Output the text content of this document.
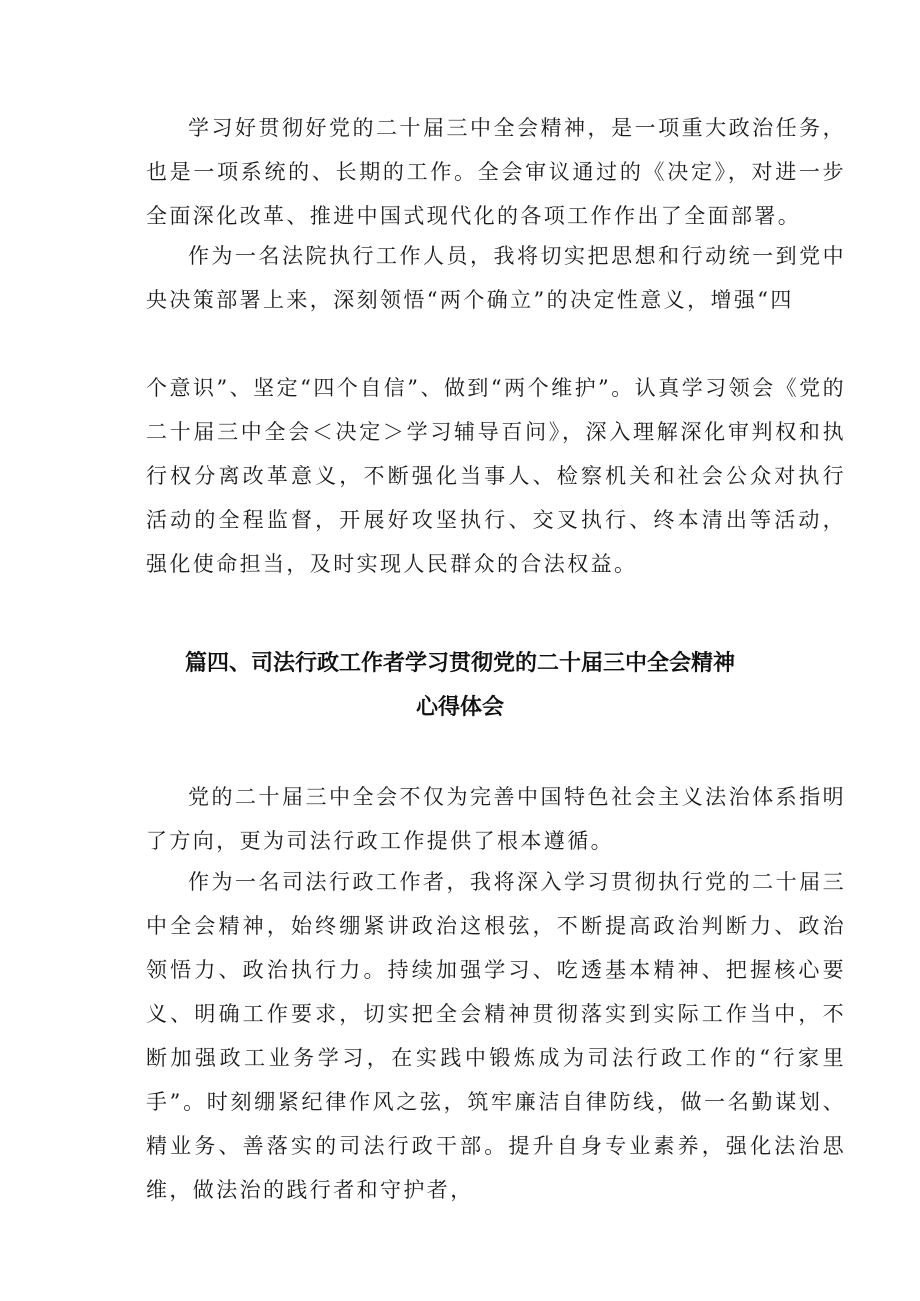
学习好贯彻好党的二十届三中全会精神，是一项重大政治任务，也是一项系统的、长期的工作。全会审议通过的《决定》，对进一步全面深化改革、推进中国式现代化的各项工作作出了全面部署。

作为一名法院执行工作人员，我将切实把思想和行动统一到党中央决策部署上来，深刻领悟“两个确立”的决定性意义，增强“四

个意识”、坚定“四个自信”、做到“两个维护”。认真学习领会《党的二十届三中全会＜决定＞学习辅导百问》，深入理解深化审判权和执行权分离改革意义，不断强化当事人、检察机关和社会公众对执行活动的全程监督，开展好攻坚执行、交叉执行、终本清出等活动，强化使命担当，及时实现人民群众的合法权益。

篇四、司法行政工作者学习贯彻党的二十届三中全会精神
心得体会

党的二十届三中全会不仅为完善中国特色社会主义法治体系指明了方向，更为司法行政工作提供了根本遵循。

作为一名司法行政工作者，我将深入学习贯彻执行党的二十届三中全会精神，始终绷紧讲政治这根弦，不断提高政治判断力、政治领悟力、政治执行力。持续加强学习、吃透基本精神、把握核心要义、明确工作要求，切实把全会精神贯彻落实到实际工作当中，不断加强政工业务学习，在实践中锻炼成为司法行政工作的“行家里手”。时刻绷紧纪律作风之弦，筑牢廉洁自律防线，做一名勤谋划、精业务、善落实的司法行政干部。提升自身专业素养，强化法治思维，做法治的践行者和守护者，
